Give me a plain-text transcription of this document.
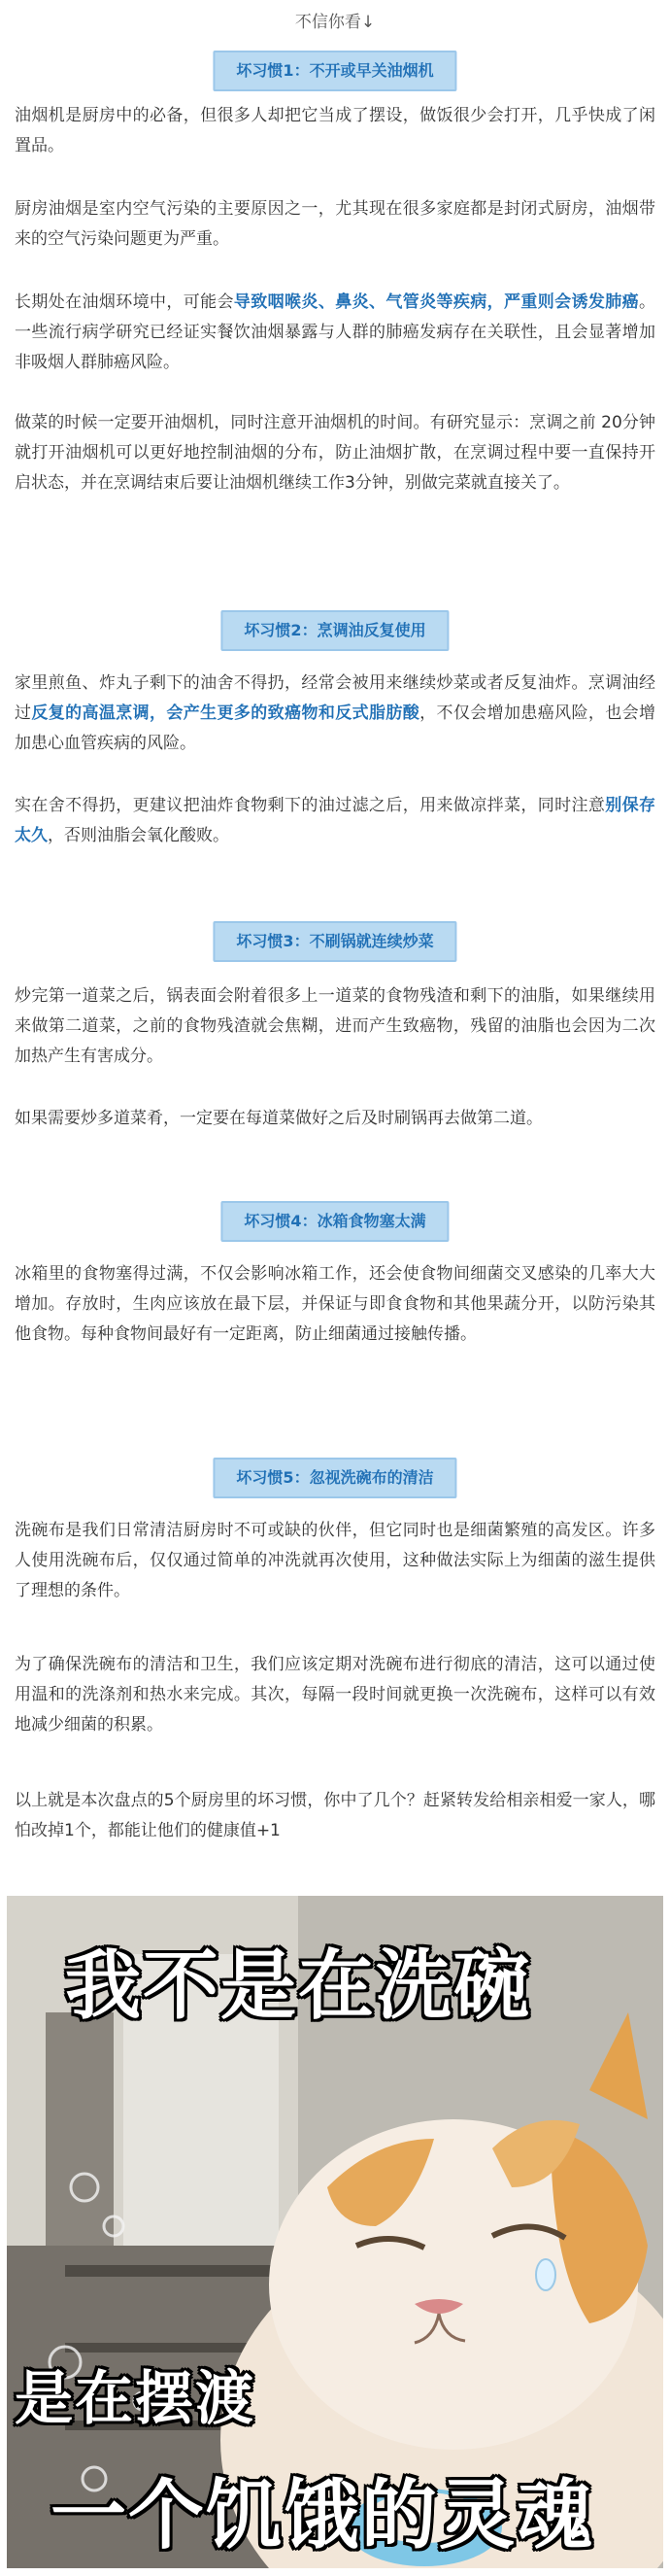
不信你看↓
坏习惯1：不开或早关油烟机

油烟机是厨房中的必备，但很多人却把它当成了摆设，做饭很少会打开，几乎快成了闲置品。

厨房油烟是室内空气污染的主要原因之一，尤其现在很多家庭都是封闭式厨房，油烟带来的空气污染问题更为严重。

长期处在油烟环境中，可能会导致咽喉炎、鼻炎、气管炎等疾病，严重则会诱发肺癌。一些流行病学研究已经证实餐饮油烟暴露与人群的肺癌发病存在关联性，且会显著增加非吸烟人群肺癌风险。

做菜的时候一定要开油烟机，同时注意开油烟机的时间。有研究显示：烹调之前 20分钟就打开油烟机可以更好地控制油烟的分布，防止油烟扩散，在烹调过程中要一直保持开启状态，并在烹调结束后要让油烟机继续工作3分钟，别做完菜就直接关了。

坏习惯2：烹调油反复使用

家里煎鱼、炸丸子剩下的油舍不得扔，经常会被用来继续炒菜或者反复油炸。烹调油经过反复的高温烹调，会产生更多的致癌物和反式脂肪酸，不仅会增加患癌风险，也会增加患心血管疾病的风险。

实在舍不得扔，更建议把油炸食物剩下的油过滤之后，用来做凉拌菜，同时注意别保存太久，否则油脂会氧化酸败。

坏习惯3：不刷锅就连续炒菜

炒完第一道菜之后，锅表面会附着很多上一道菜的食物残渣和剩下的油脂，如果继续用来做第二道菜，之前的食物残渣就会焦糊，进而产生致癌物，残留的油脂也会因为二次加热产生有害成分。

如果需要炒多道菜肴，一定要在每道菜做好之后及时刷锅再去做第二道。

坏习惯4：冰箱食物塞太满

冰箱里的食物塞得过满，不仅会影响冰箱工作，还会使食物间细菌交叉感染的几率大大增加。存放时，生肉应该放在最下层，并保证与即食食物和其他果蔬分开，以防污染其他食物。每种食物间最好有一定距离，防止细菌通过接触传播。

坏习惯5：忽视洗碗布的清洁

洗碗布是我们日常清洁厨房时不可或缺的伙伴，但它同时也是细菌繁殖的高发区。许多人使用洗碗布后，仅仅通过简单的冲洗就再次使用，这种做法实际上为细菌的滋生提供了理想的条件。

为了确保洗碗布的清洁和卫生，我们应该定期对洗碗布进行彻底的清洁，这可以通过使用温和的洗涤剂和热水来完成。其次，每隔一段时间就更换一次洗碗布，这样可以有效地减少细菌的积累。

以上就是本次盘点的5个厨房里的坏习惯，你中了几个？赶紧转发给相亲相爱一家人，哪怕改掉1个，都能让他们的健康值+1

我不是在洗碗
是在摆渡
一个饥饿的灵魂
